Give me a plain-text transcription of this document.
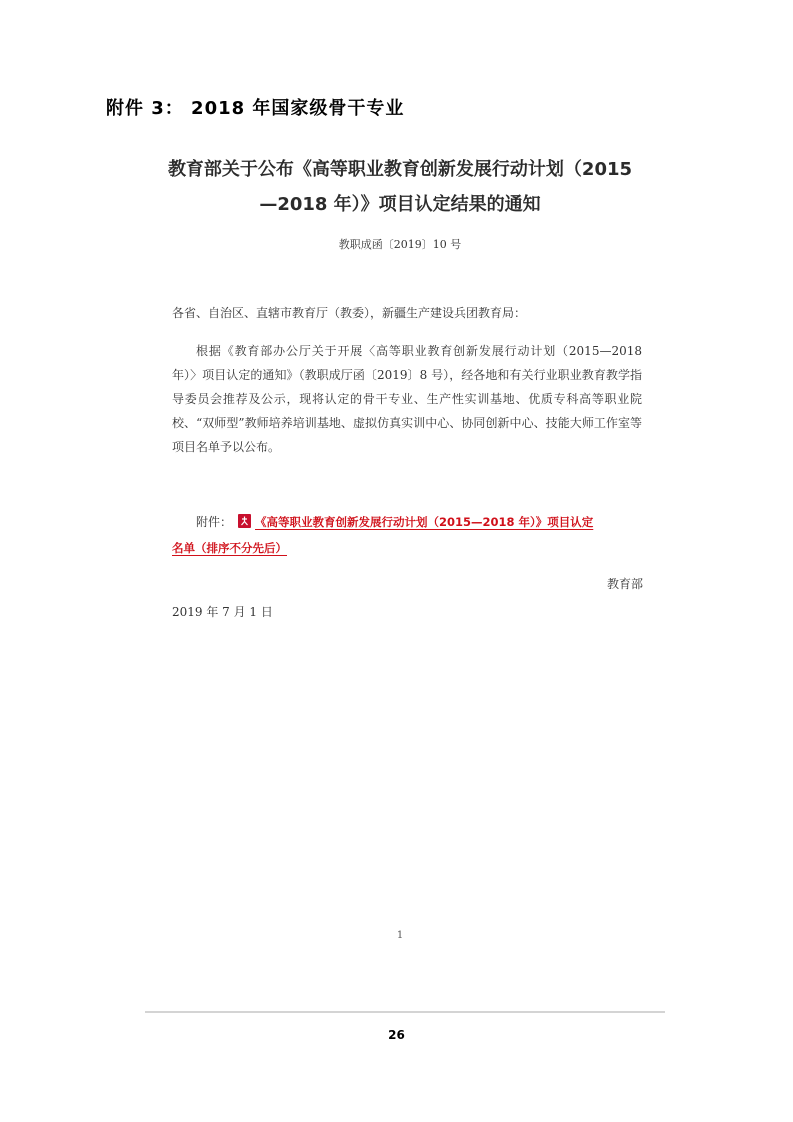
附件 3： 2018 年国家级骨干专业
教育部关于公布《高等职业教育创新发展行动计划（2015
—2018 年）》项目认定结果的通知
教职成函〔2019〕10 号
各省、自治区、直辖市教育厅（教委），新疆生产建设兵团教育局：
根据《教育部办公厅关于开展〈高等职业教育创新发展行动计划（2015—2018 年）〉项目认定的通知》（教职成厅函〔2019〕8 号），经各地和有关行业职业教育教学指导委员会推荐及公示，现将认定的骨干专业、生产性实训基地、优质专科高等职业院校、“双师型”教师培养培训基地、虚拟仿真实训中心、协同创新中心、技能大师工作室等项目名单予以公布。
附件： 《高等职业教育创新发展行动计划（2015—2018 年）》项目认定
名单（排序不分先后）
教育部
2019 年 7 月 1 日
1
26
